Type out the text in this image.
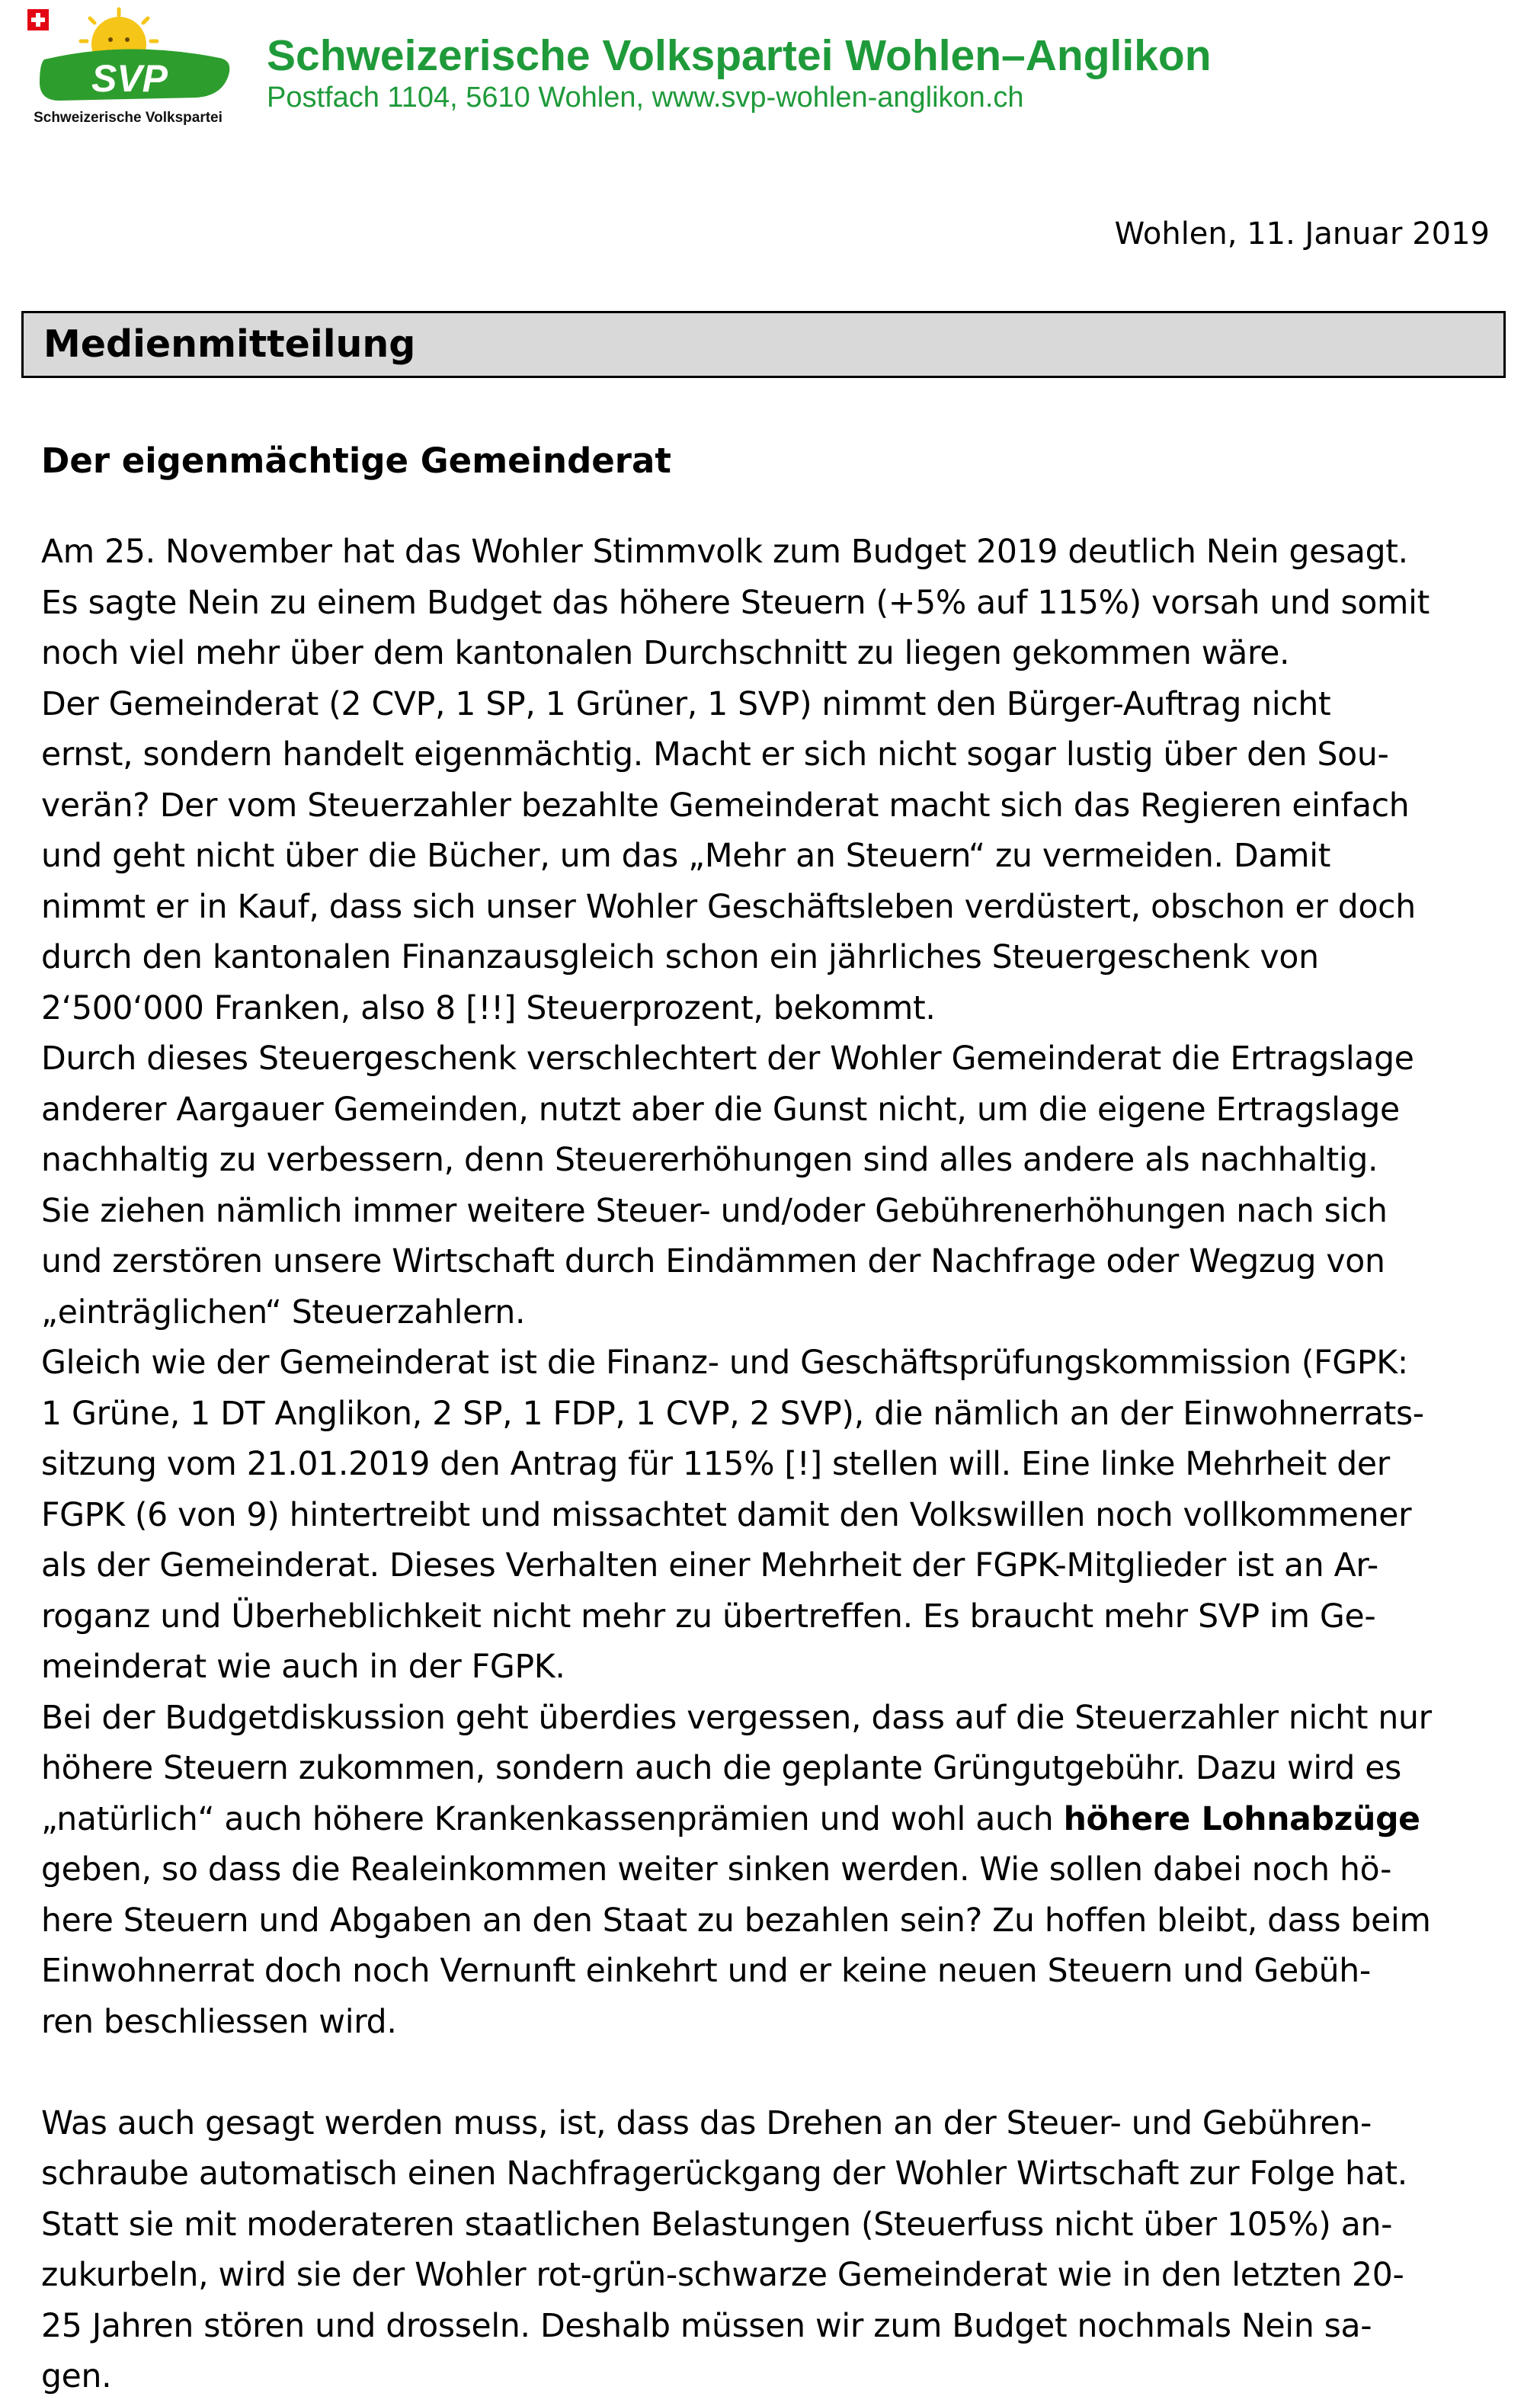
SVP
Schweizerische Volkspartei
Schweizerische Volkspartei Wohlen–Anglikon
Postfach 1104, 5610 Wohlen, www.svp-wohlen-anglikon.ch
Wohlen, 11. Januar 2019
Medienmitteilung
Der eigenmächtige Gemeinderat
Am 25. November hat das Wohler Stimmvolk zum Budget 2019 deutlich Nein gesagt.
Es sagte Nein zu einem Budget das höhere Steuern (+5% auf 115%) vorsah und somit
noch viel mehr über dem kantonalen Durchschnitt zu liegen gekommen wäre.
Der Gemeinderat (2 CVP, 1 SP, 1 Grüner, 1 SVP) nimmt den Bürger-Auftrag nicht
ernst, sondern handelt eigenmächtig. Macht er sich nicht sogar lustig über den Sou-
verän? Der vom Steuerzahler bezahlte Gemeinderat macht sich das Regieren einfach
und geht nicht über die Bücher, um das „Mehr an Steuern“ zu vermeiden. Damit
nimmt er in Kauf, dass sich unser Wohler Geschäftsleben verdüstert, obschon er doch
durch den kantonalen Finanzausgleich schon ein jährliches Steuergeschenk von
2‘500‘000 Franken, also 8 [!!] Steuerprozent, bekommt.
Durch dieses Steuergeschenk verschlechtert der Wohler Gemeinderat die Ertragslage
anderer Aargauer Gemeinden, nutzt aber die Gunst nicht, um die eigene Ertragslage
nachhaltig zu verbessern, denn Steuererhöhungen sind alles andere als nachhaltig.
Sie ziehen nämlich immer weitere Steuer- und/oder Gebührenerhöhungen nach sich
und zerstören unsere Wirtschaft durch Eindämmen der Nachfrage oder Wegzug von
„einträglichen“ Steuerzahlern.
Gleich wie der Gemeinderat ist die Finanz- und Geschäftsprüfungskommission (FGPK:
1 Grüne, 1 DT Anglikon, 2 SP, 1 FDP, 1 CVP, 2 SVP), die nämlich an der Einwohnerrats-
sitzung vom 21.01.2019 den Antrag für 115% [!] stellen will. Eine linke Mehrheit der
FGPK (6 von 9) hintertreibt und missachtet damit den Volkswillen noch vollkommener
als der Gemeinderat. Dieses Verhalten einer Mehrheit der FGPK-Mitglieder ist an Ar-
roganz und Überheblichkeit nicht mehr zu übertreffen. Es braucht mehr SVP im Ge-
meinderat wie auch in der FGPK.
Bei der Budgetdiskussion geht überdies vergessen, dass auf die Steuerzahler nicht nur
höhere Steuern zukommen, sondern auch die geplante Grüngutgebühr. Dazu wird es
„natürlich“ auch höhere Krankenkassenprämien und wohl auch höhere Lohnabzüge
geben, so dass die Realeinkommen weiter sinken werden. Wie sollen dabei noch hö-
here Steuern und Abgaben an den Staat zu bezahlen sein? Zu hoffen bleibt, dass beim
Einwohnerrat doch noch Vernunft einkehrt und er keine neuen Steuern und Gebüh-
ren beschliessen wird.
Was auch gesagt werden muss, ist, dass das Drehen an der Steuer- und Gebühren-
schraube automatisch einen Nachfragerückgang der Wohler Wirtschaft zur Folge hat.
Statt sie mit moderateren staatlichen Belastungen (Steuerfuss nicht über 105%) an-
zukurbeln, wird sie der Wohler rot-grün-schwarze Gemeinderat wie in den letzten 20-
25 Jahren stören und drosseln. Deshalb müssen wir zum Budget nochmals Nein sa-
gen.
